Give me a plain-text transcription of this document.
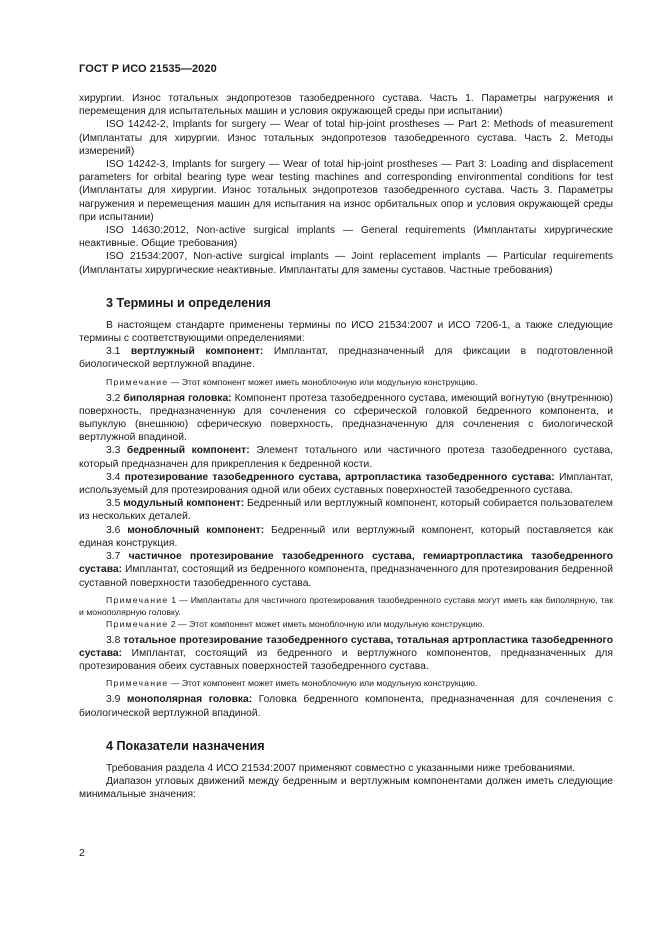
ГОСТ Р ИСО 21535—2020

хирургии. Износ тотальных эндопротезов тазобедренного сустава. Часть 1. Параметры нагружения и перемещения для испытательных машин и условия окружающей среды при испытании)

ISO 14242-2, Implants for surgery — Wear of total hip-joint prostheses — Part 2: Methods of measurement (Имплантаты для хирургии. Износ тотальных эндопротезов тазобедренного сустава. Часть 2. Методы измерений)

ISO 14242-3, Implants for surgery — Wear of total hip-joint prostheses — Part 3: Loading and displacement parameters for orbital bearing type wear testing machines and corresponding environmental conditions for test (Имплантаты для хирургии. Износ тотальных эндопротезов тазобедренного сустава. Часть 3. Параметры нагружения и перемещения машин для испытания на износ орбитальных опор и условия окружающей среды при испытании)

ISO 14630:2012, Non-active surgical implants — General requirements (Имплантаты хирургические неактивные. Общие требования)

ISO 21534:2007, Non-active surgical implants — Joint replacement implants — Particular requirements (Имплантаты хирургические неактивные. Имплантаты для замены суставов. Частные требования)

3 Термины и определения

В настоящем стандарте применены термины по ИСО 21534:2007 и ИСО 7206-1, а также следующие термины с соответствующими определениями:

3.1 вертлужный компонент: Имплантат, предназначенный для фиксации в подготовленной биологической вертлужной впадине.

Примечание — Этот компонент может иметь моноблочную или модульную конструкцию.

3.2 биполярная головка: Компонент протеза тазобедренного сустава, имеющий вогнутую (внутреннюю) поверхность, предназначенную для сочленения со сферической головкой бедренного компонента, и выпуклую (внешнюю) сферическую поверхность, предназначенную для сочленения с биологической вертлужной впадиной.

3.3 бедренный компонент: Элемент тотального или частичного протеза тазобедренного сустава, который предназначен для прикрепления к бедренной кости.

3.4 протезирование тазобедренного сустава, артропластика тазобедренного сустава: Имплантат, используемый для протезирования одной или обеих суставных поверхностей тазобедренного сустава.

3.5 модульный компонент: Бедренный или вертлужный компонент, который собирается пользователем из нескольких деталей.

3.6 моноблочный компонент: Бедренный или вертлужный компонент, который поставляется как единая конструкция.

3.7 частичное протезирование тазобедренного сустава, гемиартропластика тазобедренного сустава: Имплантат, состоящий из бедренного компонента, предназначенного для протезирования бедренной суставной поверхности тазобедренного сустава.

Примечание 1 — Имплантаты для частичного протезирования тазобедренного сустава могут иметь как биполярную, так и монополярную головку.

Примечание 2 — Этот компонент может иметь моноблочную или модульную конструкцию.

3.8 тотальное протезирование тазобедренного сустава, тотальная артропластика тазобедренного сустава: Имплантат, состоящий из бедренного и вертлужного компонентов, предназначенных для протезирования обеих суставных поверхностей тазобедренного сустава.

Примечание — Этот компонент может иметь моноблочную или модульную конструкцию.

3.9 монополярная головка: Головка бедренного компонента, предназначенная для сочленения с биологической вертлужной впадиной.

4 Показатели назначения

Требования раздела 4 ИСО 21534:2007 применяют совместно с указанными ниже требованиями.

Диапазон угловых движений между бедренным и вертлужным компонентами должен иметь следующие минимальные значения:

2
